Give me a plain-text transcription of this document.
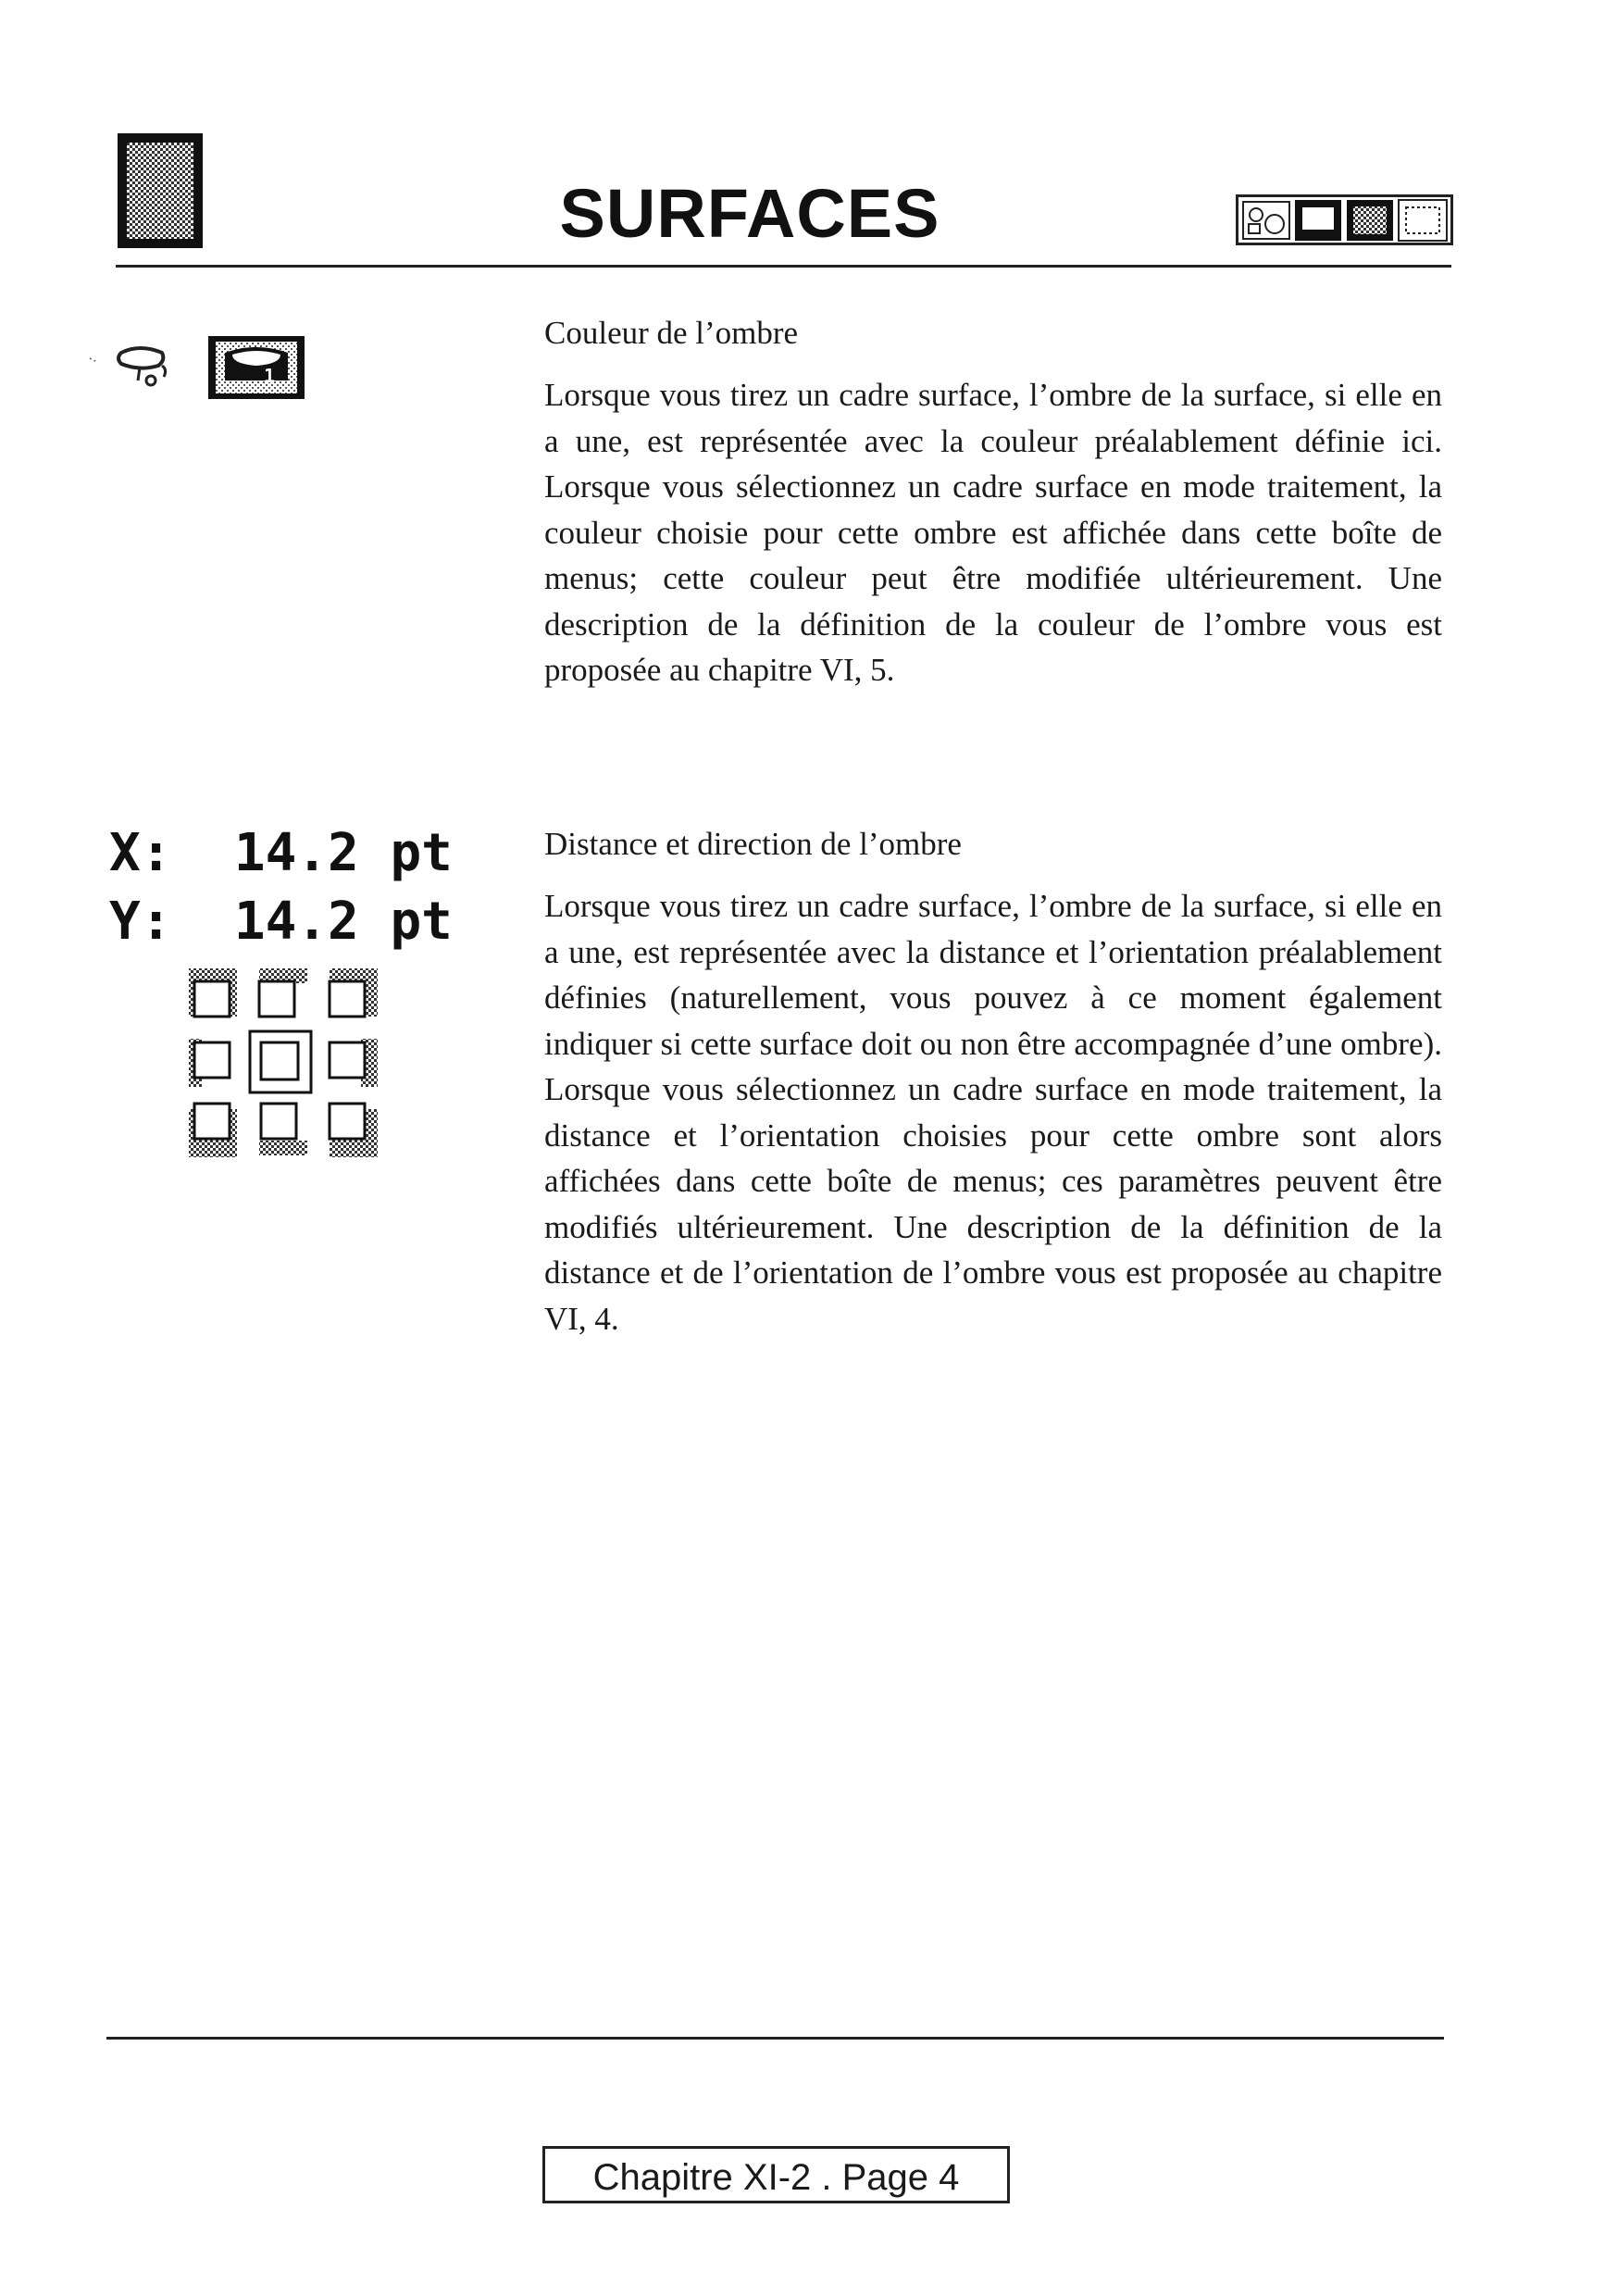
SURFACES
1
X: 14.2 pt
Y: 14.2 pt
Couleur de l’ombre

Lorsque vous tirez un cadre surface, l’ombre de la surface, si elle en a une, est représentée avec la couleur préalablement définie ici. Lorsque vous sélectionnez un cadre surface en mode traitement, la couleur choisie pour cette ombre est affichée dans cette boîte de menus; cette couleur peut être modifiée ultérieurement. Une description de la définition de la couleur de l’ombre vous est proposée au chapitre VI, 5.

Distance et direction de l’ombre

Lorsque vous tirez un cadre surface, l’ombre de la surface, si elle en a une, est représentée avec la distance et l’orientation préalablement définies (naturellement, vous pouvez à ce moment également indiquer si cette surface doit ou non être accompagnée d’une ombre). Lorsque vous sélectionnez un cadre surface en mode traitement, la distance et l’orientation choisies pour cette ombre sont alors affichées dans cette boîte de menus; ces paramètres peuvent être modifiés ultérieurement. Une description de la définition de la distance et de l’orientation de l’ombre vous est proposée au chapitre VI, 4.

Chapitre XI-2 . Page 4
